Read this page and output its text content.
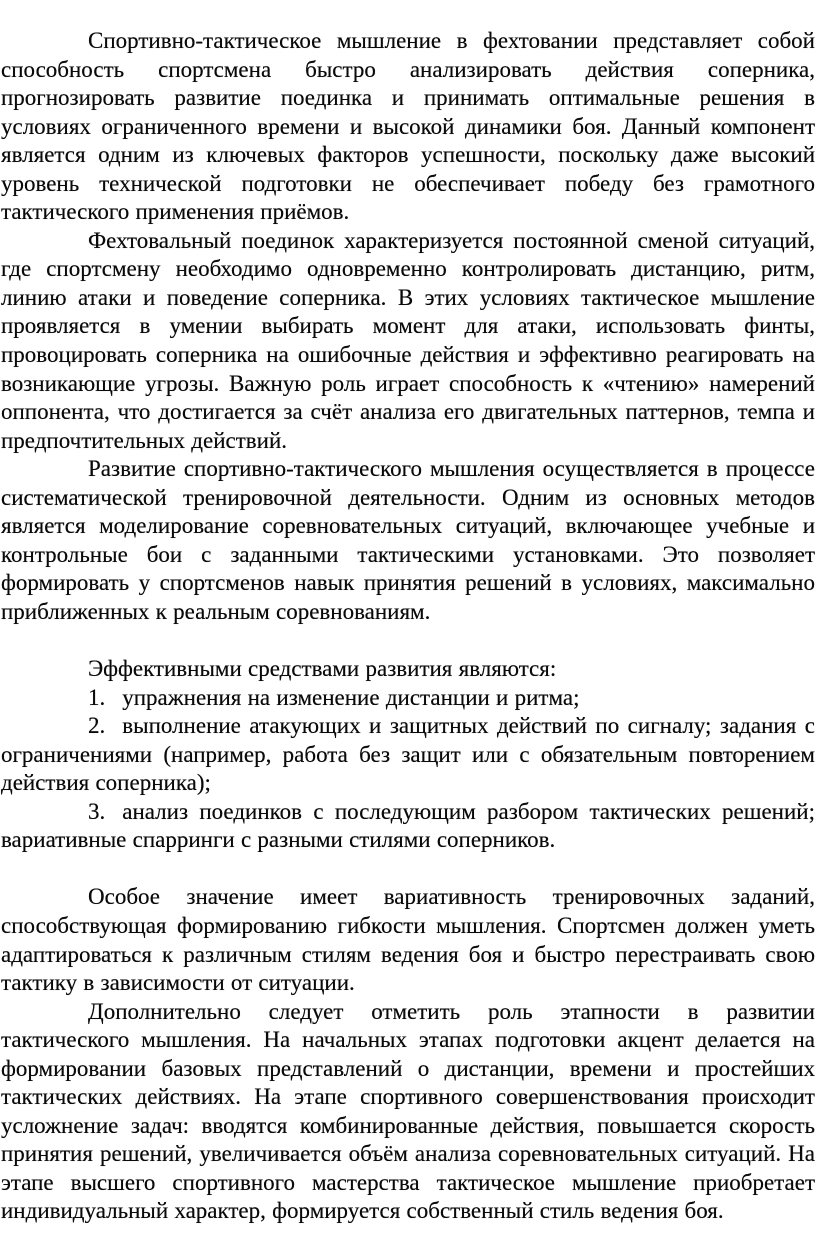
Спортивно-тактическое мышление в фехтовании представляет собой способность спортсмена быстро анализировать действия соперника, прогнозировать развитие поединка и принимать оптимальные решения в условиях ограниченного времени и высокой динамики боя. Данный компонент является одним из ключевых факторов успешности, поскольку даже высокий уровень технической подготовки не обеспечивает победу без грамотного тактического применения приёмов.

Фехтовальный поединок характеризуется постоянной сменой ситуаций, где спортсмену необходимо одновременно контролировать дистанцию, ритм, линию атаки и поведение соперника. В этих условиях тактическое мышление проявляется в умении выбирать момент для атаки, использовать финты, провоцировать соперника на ошибочные действия и эффективно реагировать на возникающие угрозы. Важную роль играет способность к «чтению» намерений оппонента, что достигается за счёт анализа его двигательных паттернов, темпа и предпочтительных действий.

Развитие спортивно-тактического мышления осуществляется в процессе систематической тренировочной деятельности. Одним из основных методов является моделирование соревновательных ситуаций, включающее учебные и контрольные бои с заданными тактическими установками. Это позволяет формировать у спортсменов навык принятия решений в условиях, максимально приближенных к реальным соревнованиям.

Эффективными средствами развития являются:

1. упражнения на изменение дистанции и ритма;

2. выполнение атакующих и защитных действий по сигналу; задания с ограничениями (например, работа без защит или с обязательным повторением действия соперника);

3. анализ поединков с последующим разбором тактических решений; вариативные спарринги с разными стилями соперников.

Особое значение имеет вариативность тренировочных заданий, способствующая формированию гибкости мышления. Спортсмен должен уметь адаптироваться к различным стилям ведения боя и быстро перестраивать свою тактику в зависимости от ситуации.

Дополнительно следует отметить роль этапности в развитии тактического мышления. На начальных этапах подготовки акцент делается на формировании базовых представлений о дистанции, времени и простейших тактических действиях. На этапе спортивного совершенствования происходит усложнение задач: вводятся комбинированные действия, повышается скорость принятия решений, увеличивается объём анализа соревновательных ситуаций. На этапе высшего спортивного мастерства тактическое мышление приобретает индивидуальный характер, формируется собственный стиль ведения боя.
